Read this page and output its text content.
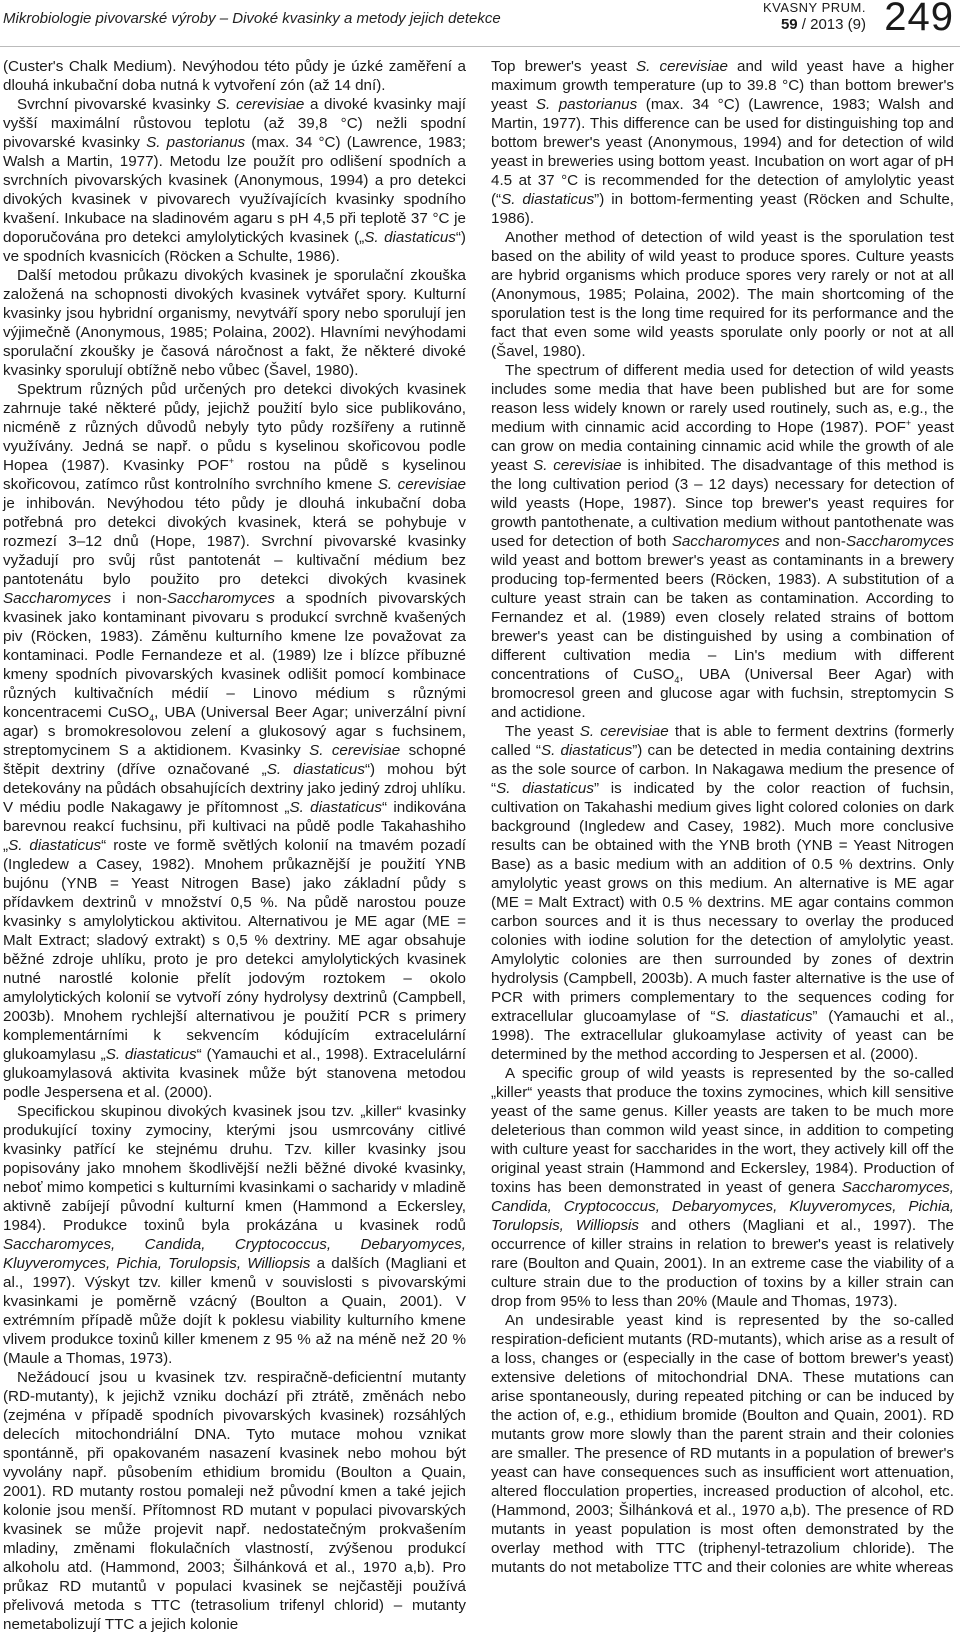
Mikrobiologie pivovarské výroby – Divoké kvasinky a metody jejich detekce
KVASNY PRUM.
59 / 2013 (9) 249

(Custer's Chalk Medium). Nevýhodou této půdy je úzké zaměření a dlouhá inkubační doba nutná k vytvoření zón (až 14 dní).

Svrchní pivovarské kvasinky S. cerevisiae a divoké kvasinky mají vyšší maximální růstovou teplotu (až 39,8 °C) nežli spodní pivovarské kvasinky S. pastorianus (max. 34 °C) (Lawrence, 1983; Walsh a Martin, 1977). Metodu lze použít pro odlišení spodních a svrchních pivovarských kvasinek (Anonymous, 1994) a pro detekci divokých kvasinek v pivovarech využívajících kvasinky spodního kvašení. Inkubace na sladinovém agaru s pH 4,5 při teplotě 37 °C je doporučována pro detekci amylolytických kvasinek („S. diastaticus“) ve spodních kvasnicích (Röcken a Schulte, 1986).

Další metodou průkazu divokých kvasinek je sporulační zkouška založená na schopnosti divokých kvasinek vytvářet spory. Kulturní kvasinky jsou hybridní organismy, nevytváří spory nebo sporulují jen výjimečně (Anonymous, 1985; Polaina, 2002). Hlavními nevýhodami sporulační zkoušky je časová náročnost a fakt, že některé divoké kvasinky sporulují obtížně nebo vůbec (Šavel, 1980).

Spektrum různých půd určených pro detekci divokých kvasinek zahrnuje také některé půdy, jejichž použití bylo sice publikováno, nicméně z různých důvodů nebyly tyto půdy rozšířeny a rutinně využívány. Jedná se např. o půdu s kyselinou skořicovou podle Hopea (1987). Kvasinky POF+ rostou na půdě s kyselinou skořicovou, zatímco růst kontrolního svrchního kmene S. cerevisiae je inhibován. Nevýhodou této půdy je dlouhá inkubační doba potřebná pro detekci divokých kvasinek, která se pohybuje v rozmezí 3–12 dnů (Hope, 1987). Svrchní pivovarské kvasinky vyžadují pro svůj růst pantotenát – kultivační médium bez pantotenátu bylo použito pro detekci divokých kvasinek Saccharomyces i non-Saccharomyces a spodních pivovarských kvasinek jako kontaminant pivovaru s produkcí svrchně kvašených piv (Röcken, 1983). Záměnu kulturního kmene lze považovat za kontaminaci. Podle Fernandeze et al. (1989) lze i blízce příbuzné kmeny spodních pivovarských kvasinek odlišit pomocí kombinace různých kultivačních médií – Linovo médium s různými koncentracemi CuSO$_4$, UBA (Universal Beer Agar; univerzální pivní agar) s bromokresolovou zelení a glukosový agar s fuchsinem, streptomycinem S a aktidionem. Kvasinky S. cerevisiae schopné štěpit dextriny (dříve označované „S. diastaticus“) mohou být detekovány na půdách obsahujících dextriny jako jediný zdroj uhlíku. V médiu podle Nakagawy je přítomnost „S. diastaticus“ indikována barevnou reakcí fuchsinu, při kultivaci na půdě podle Takahashiho „S. diastaticus“ roste ve formě světlých kolonií na tmavém pozadí (Ingledew a Casey, 1982). Mnohem průkaznější je použití YNB bujónu (YNB = Yeast Nitrogen Base) jako základní půdy s přídavkem dextrinů v množství 0,5 %. Na půdě narostou pouze kvasinky s amylolytickou aktivitou. Alternativou je ME agar (ME = Malt Extract; sladový extrakt) s 0,5 % dextriny. ME agar obsahuje běžné zdroje uhlíku, proto je pro detekci amylolytických kvasinek nutné narostlé kolonie přelít jodovým roztokem – okolo amylolytických kolonií se vytvoří zóny hydrolysy dextrinů (Campbell, 2003b). Mnohem rychlejší alternativou je použití PCR s primery komplementárními k sekvencím kódujícím extracelulární glukoamylasu „S. diastaticus“ (Yamauchi et al., 1998). Extracelulární glukoamylasová aktivita kvasinek může být stanovena metodou podle Jespersena et al. (2000).

Specifickou skupinou divokých kvasinek jsou tzv. „killer“ kvasinky produkující toxiny zymociny, kterými jsou usmrcovány citlivé kvasinky patřící ke stejnému druhu. Tzv. killer kvasinky jsou popisovány jako mnohem škodlivější nežli běžné divoké kvasinky, neboť mimo kompetici s kulturními kvasinkami o sacharidy v mladině aktivně zabíjejí původní kulturní kmen (Hammond a Eckersley, 1984). Produkce toxinů byla prokázána u kvasinek rodů Saccharomyces, Candida, Cryptococcus, Debaryomyces, Kluyveromyces, Pichia, Torulopsis, Williopsis a dalších (Magliani et al., 1997). Výskyt tzv. killer kmenů v souvislosti s pivovarskými kvasinkami je poměrně vzácný (Boulton a Quain, 2001). V extrémním případě může dojít k poklesu viability kulturního kmene vlivem produkce toxinů killer kmenem z 95 % až na méně než 20 % (Maule a Thomas, 1973).

Nežádoucí jsou u kvasinek tzv. respiračně-deficientní mutanty (RD-mutanty), k jejichž vzniku dochází při ztrátě, změnách nebo (zejména v případě spodních pivovarských kvasinek) rozsáhlých delecích mitochondriální DNA. Tyto mutace mohou vznikat spontánně, při opakovaném nasazení kvasinek nebo mohou být vyvolány např. působením ethidium bromidu (Boulton a Quain, 2001). RD mutanty rostou pomaleji než původní kmen a také jejich kolonie jsou menší. Přítomnost RD mutant v populaci pivovarských kvasinek se může projevit např. nedostatečným prokvašením mladiny, změnami flokulačních vlastností, zvýšenou produkcí alkoholu atd. (Hammond, 2003; Šilhánková et al., 1970 a,b). Pro průkaz RD mutantů v populaci kvasinek se nejčastěji používá přelivová metoda s TTC (tetrasolium trifenyl chlorid) – mutanty nemetabolizují TTC a jejich kolonie

Top brewer's yeast S. cerevisiae and wild yeast have a higher maximum growth temperature (up to 39.8 °C) than bottom brewer's yeast S. pastorianus (max. 34 °C) (Lawrence, 1983; Walsh and Martin, 1977). This difference can be used for distinguishing top and bottom brewer's yeast (Anonymous, 1994) and for detection of wild yeast in breweries using bottom yeast. Incubation on wort agar of pH 4.5 at 37 °C is recommended for the detection of amylolytic yeast (“S. diastaticus”) in bottom-fermenting yeast (Röcken and Schulte, 1986).

Another method of detection of wild yeast is the sporulation test based on the ability of wild yeast to produce spores. Culture yeasts are hybrid organisms which produce spores very rarely or not at all (Anonymous, 1985; Polaina, 2002). The main shortcoming of the sporulation test is the long time required for its performance and the fact that even some wild yeasts sporulate only poorly or not at all (Šavel, 1980).

The spectrum of different media used for detection of wild yeasts includes some media that have been published but are for some reason less widely known or rarely used routinely, such as, e.g., the medium with cinnamic acid according to Hope (1987). POF+ yeast can grow on media containing cinnamic acid while the growth of ale yeast S. cerevisiae is inhibited. The disadvantage of this method is the long cultivation period (3 – 12 days) necessary for detection of wild yeasts (Hope, 1987). Since top brewer's yeast requires for growth pantothenate, a cultivation medium without pantothenate was used for detection of both Saccharomyces and non-Saccharomyces wild yeast and bottom brewer's yeast as contaminants in a brewery producing top-fermented beers (Röcken, 1983). A substitution of a culture yeast strain can be taken as contamination. According to Fernandez et al. (1989) even closely related strains of bottom brewer's yeast can be distinguished by using a combination of different cultivation media – Lin's medium with different concentrations of CuSO$_4$, UBA (Universal Beer Agar) with bromocresol green and glucose agar with fuchsin, streptomycin S and actidione.

The yeast S. cerevisiae that is able to ferment dextrins (formerly called “S. diastaticus”) can be detected in media containing dextrins as the sole source of carbon. In Nakagawa medium the presence of “S. diastaticus” is indicated by the color reaction of fuchsin, cultivation on Takahashi medium gives light colored colonies on dark background (Ingledew and Casey, 1982). Much more conclusive results can be obtained with the YNB broth (YNB = Yeast Nitrogen Base) as a basic medium with an addition of 0.5 % dextrins. Only amylolytic yeast grows on this medium. An alternative is ME agar (ME = Malt Extract) with 0.5 % dextrins. ME agar contains common carbon sources and it is thus necessary to overlay the produced colonies with iodine solution for the detection of amylolytic yeast. Amylolytic colonies are then surrounded by zones of dextrin hydrolysis (Campbell, 2003b). A much faster alternative is the use of PCR with primers complementary to the sequences coding for extracellular glucoamylase of “S. diastaticus” (Yamauchi et al., 1998). The extracellular glukoamylase activity of yeast can be determined by the method according to Jespersen et al. (2000).

A specific group of wild yeasts is represented by the so-called „killer“ yeasts that produce the toxins zymocines, which kill sensitive yeast of the same genus. Killer yeasts are taken to be much more deleterious than common wild yeast since, in addition to competing with culture yeast for saccharides in the wort, they actively kill off the original yeast strain (Hammond and Eckersley, 1984). Production of toxins has been demonstrated in yeast of genera Saccharomyces, Candida, Cryptococcus, Debaryomyces, Kluyveromyces, Pichia, Torulopsis, Williopsis and others (Magliani et al., 1997). The occurrence of killer strains in relation to brewer's yeast is relatively rare (Boulton and Quain, 2001). In an extreme case the viability of a culture strain due to the production of toxins by a killer strain can drop from 95% to less than 20% (Maule and Thomas, 1973).

An undesirable yeast kind is represented by the so-called respiration-deficient mutants (RD-mutants), which arise as a result of a loss, changes or (especially in the case of bottom brewer's yeast) extensive deletions of mitochondrial DNA. These mutations can arise spontaneously, during repeated pitching or can be induced by the action of, e.g., ethidium bromide (Boulton and Quain, 2001). RD mutants grow more slowly than the parent strain and their colonies are smaller. The presence of RD mutants in a population of brewer's yeast can have consequences such as insufficient wort attenuation, altered flocculation properties, increased production of alcohol, etc. (Hammond, 2003; Šilhánková et al., 1970 a,b). The presence of RD mutants in yeast population is most often demonstrated by the overlay method with TTC (triphenyl-tetrazolium chloride). The mutants do not metabolize TTC and their colonies are white whereas
